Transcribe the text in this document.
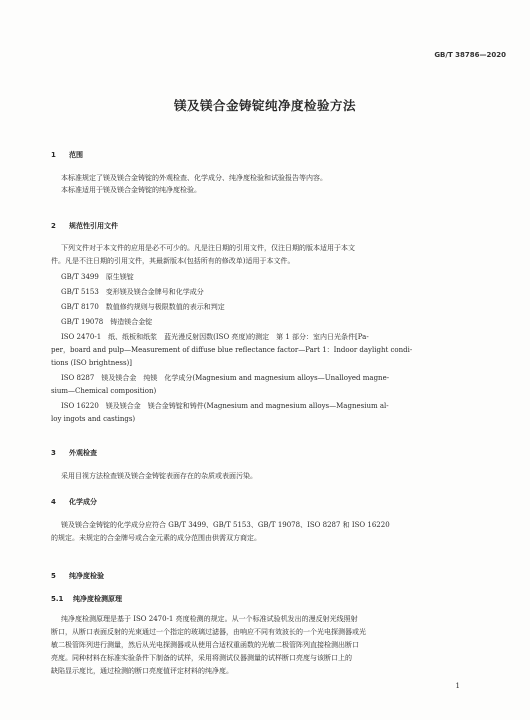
GB/T 38786—2020
镁及镁合金铸锭纯净度检验方法
1 范围
本标准规定了镁及镁合金铸锭的外观检查、化学成分、纯净度检验和试验报告等内容。
本标准适用于镁及镁合金铸锭的纯净度检验。
2 规范性引用文件
下列文件对于本文件的应用是必不可少的。凡是注日期的引用文件，仅注日期的版本适用于本文
件。凡是不注日期的引用文件，其最新版本(包括所有的修改单)适用于本文件。
GB/T 3499　原生镁锭
GB/T 5153　变形镁及镁合金牌号和化学成分
GB/T 8170　数值修约规则与极限数值的表示和判定
GB/T 19078　铸造镁合金锭
ISO 2470-1　纸、纸板和纸浆　蓝光漫反射因数(ISO 亮度)的测定　第 1 部分：室内日光条件[Pa-
per，board and pulp—Measurement of diffuse blue reflectance factor—Part 1：Indoor daylight condi-
tions (ISO brightness)]
ISO 8287　镁及镁合金　纯镁　化学成分(Magnesium and magnesium alloys—Unalloyed magne-
sium—Chemical composition)
ISO 16220　镁及镁合金　镁合金铸锭和铸件(Magnesium and magnesium alloys—Magnesium al-
loy ingots and castings)
3 外观检查
采用目视方法检查镁及镁合金铸锭表面存在的杂质或表面污染。
4 化学成分
镁及镁合金铸锭的化学成分应符合 GB/T 3499、GB/T 5153、GB/T 19078、ISO 8287 和 ISO 16220
的规定。未规定的合金牌号或合金元素的成分范围由供需双方商定。
5 纯净度检验
5.1 纯净度检测原理
纯净度检测原理是基于 ISO 2470-1 亮度检测的规定。从一个标准试验机发出的漫反射光线照射
断口，从断口表面反射的光束通过一个指定的玻璃过滤器，由响应不同有效波长的一个光电探测器或光
敏二极管阵列进行测量，然后从光电探测器或从使用合适权重函数的光敏二极管阵列直接检测出断口
亮度。同种材料在标准实验条件下制备的试样，采用将测试仪器测量的试样断口亮度与该断口上的
缺陷显示度比，通过检测的断口亮度值评定材料的纯净度。
1
